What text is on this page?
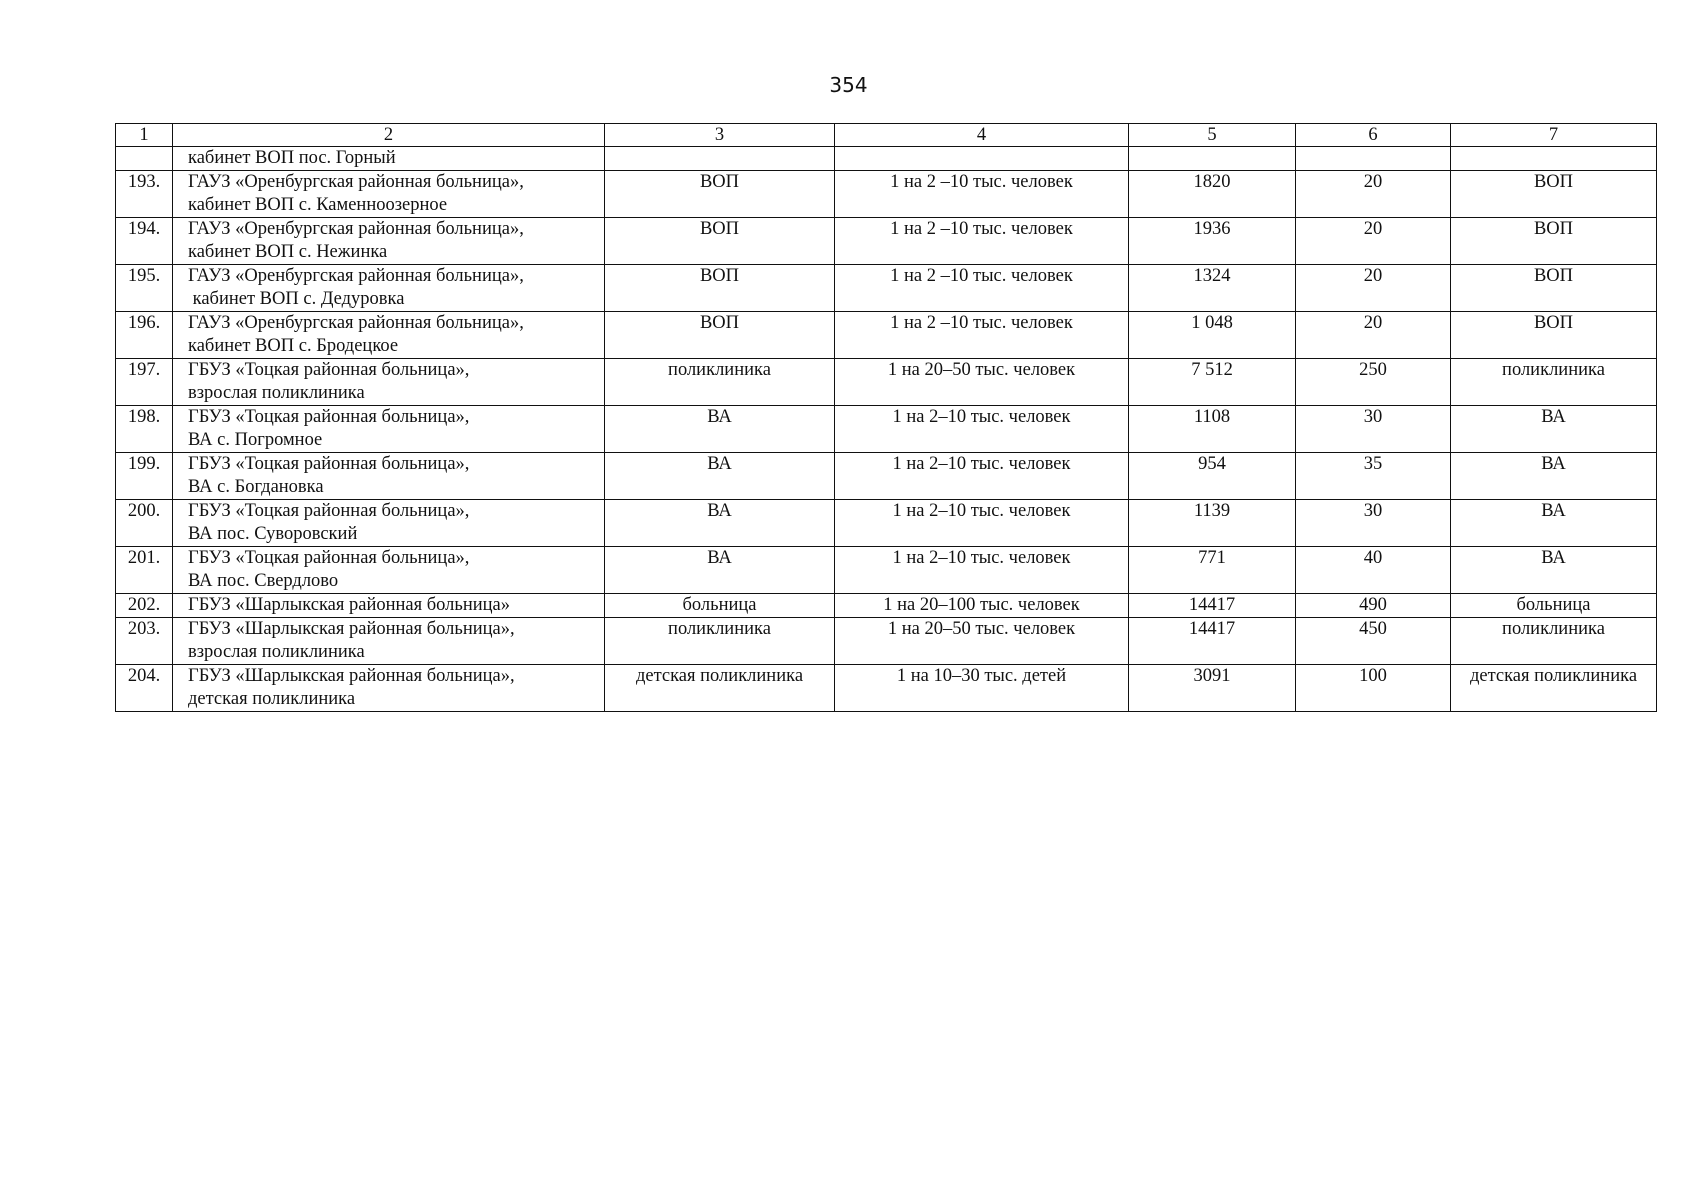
354
1	2	3	4	5	6	7

	кабинет ВОП пос. Горный					

193.	ГАУЗ «Оренбургская районная больница»,
кабинет ВОП с. Каменноозерное	ВОП	1 на 2 –10 тыс. человек	1820	20	ВОП
194.	ГАУЗ «Оренбургская районная больница»,
кабинет ВОП с. Нежинка	ВОП	1 на 2 –10 тыс. человек	1936	20	ВОП
195.	ГАУЗ «Оренбургская районная больница»,
кабинет ВОП с. Дедуровка	ВОП	1 на 2 –10 тыс. человек	1324	20	ВОП
196.	ГАУЗ «Оренбургская районная больница»,
кабинет ВОП с. Бродецкое	ВОП	1 на 2 –10 тыс. человек	1 048	20	ВОП
197.	ГБУЗ «Тоцкая районная больница»,
взрослая поликлиника	поликлиника	1 на 20–50 тыс. человек	7 512	250	поликлиника
198.	ГБУЗ «Тоцкая районная больница»,
ВА с. Погромное	ВА	1 на 2–10 тыс. человек	1108	30	ВА
199.	ГБУЗ «Тоцкая районная больница»,
ВА с. Богдановка	ВА	1 на 2–10 тыс. человек	954	35	ВА
200.	ГБУЗ «Тоцкая районная больница»,
ВА пос. Суворовский	ВА	1 на 2–10 тыс. человек	1139	30	ВА
201.	ГБУЗ «Тоцкая районная больница»,
ВА пос. Свердлово	ВА	1 на 2–10 тыс. человек	771	40	ВА
202.	ГБУЗ «Шарлыкская районная больница»	больница	1 на 20–100 тыс. человек	14417	490	больница
203.	ГБУЗ «Шарлыкская районная больница»,
взрослая поликлиника	поликлиника	1 на 20–50 тыс. человек	14417	450	поликлиника
204.	ГБУЗ «Шарлыкская районная больница»,
детская поликлиника	детская поликлиника	1 на 10–30 тыс. детей	3091	100	детская поликлиника
